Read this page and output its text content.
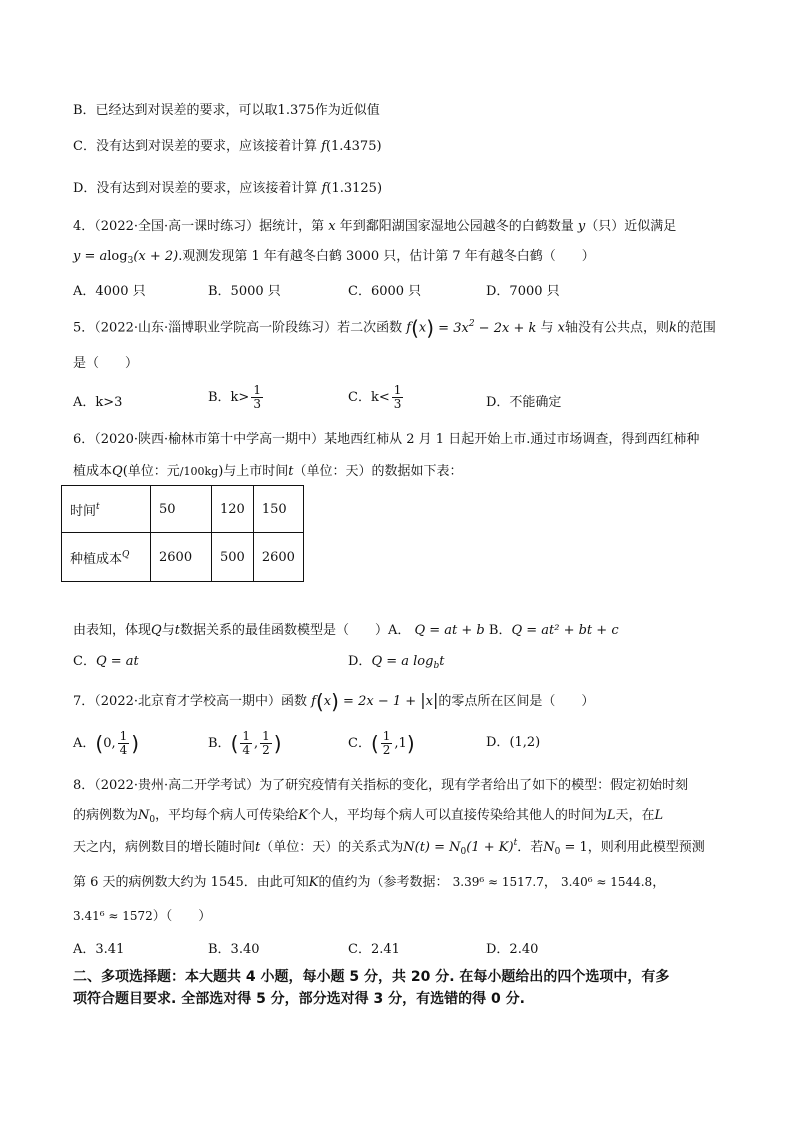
B．已经达到对误差的要求，可以取1.375作为近似值
C．没有达到对误差的要求，应该接着计算 f(1.4375)
D．没有达到对误差的要求，应该接着计算 f(1.3125)
4．（2022·全国·高一课时练习）据统计，第 x 年到鄱阳湖国家湿地公园越冬的白鹤数量 y（只）近似满足
y = alog$_3$(x + 2).观测发现第 1 年有越冬白鹤 3000 只，估计第 7 年有越冬白鹤（　　）
A．4000 只	B．5000 只	C．6000 只	D．7000 只
5．（2022·山东·淄博职业学院高一阶段练习）若二次函数 $f(x) = 3x^2 - 2x + k$ 与 x轴没有公共点，则k的范围
是（　　）
A．k>3	B．$k> \frac{1}{3}$	C．$k< \frac{1}{3}$	D．不能确定
6．（2020·陕西·榆林市第十中学高一期中）某地西红柿从 2 月 1 日起开始上市.通过市场调查，得到西红柿种
植成本Q(单位：元/100kg)与上市时间t（单位：天）的数据如下表：
时间$^t$	50	120	150
种植成本$^Q$	2600	500	2600
由表知，体现Q与t数据关系的最佳函数模型是（　　）A． Q = at + b B．Q = at² + bt + c
C．Q = at	D．Q = a $\log_bt$
7．（2022·北京育才学校高一期中）函数 f(x) = 2x − 1 + |x|的零点所在区间是（　　）
A．(0, $\frac{1}{4}$ )	B．( $\frac{1}{4}$ , $\frac{1}{2}$ )	C．( $\frac{1}{2} ,1$)	D．(1,2)
8．（2022·贵州·高二开学考试）为了研究疫情有关指标的变化，现有学者给出了如下的模型：假定初始时刻
的病例数为$N_0$，平均每个病人可传染给K个人，平均每个病人可以直接传染给其他人的时间为L天，在L
天之内，病例数目的增长随时间t（单位：天）的关系式为$N(t) = N_0(1 + K)^t$．若$N_0 = 1$，则利用此模型预测
第 6 天的病例数大约为 1545．由此可知K的值约为（参考数据： 3.39⁶ ≈ 1517.7， 3.40⁶ ≈ 1544.8，
3.41⁶ ≈ 1572）（　　）
A．3.41	B．3.40	C．2.41	D．2.40
二、多项选择题：本大题共 4 小题，每小题 5 分，共 20 分. 在每小题给出的四个选项中，有多
项符合题目要求. 全部选对得 5 分，部分选对得 3 分，有选错的得 0 分.
